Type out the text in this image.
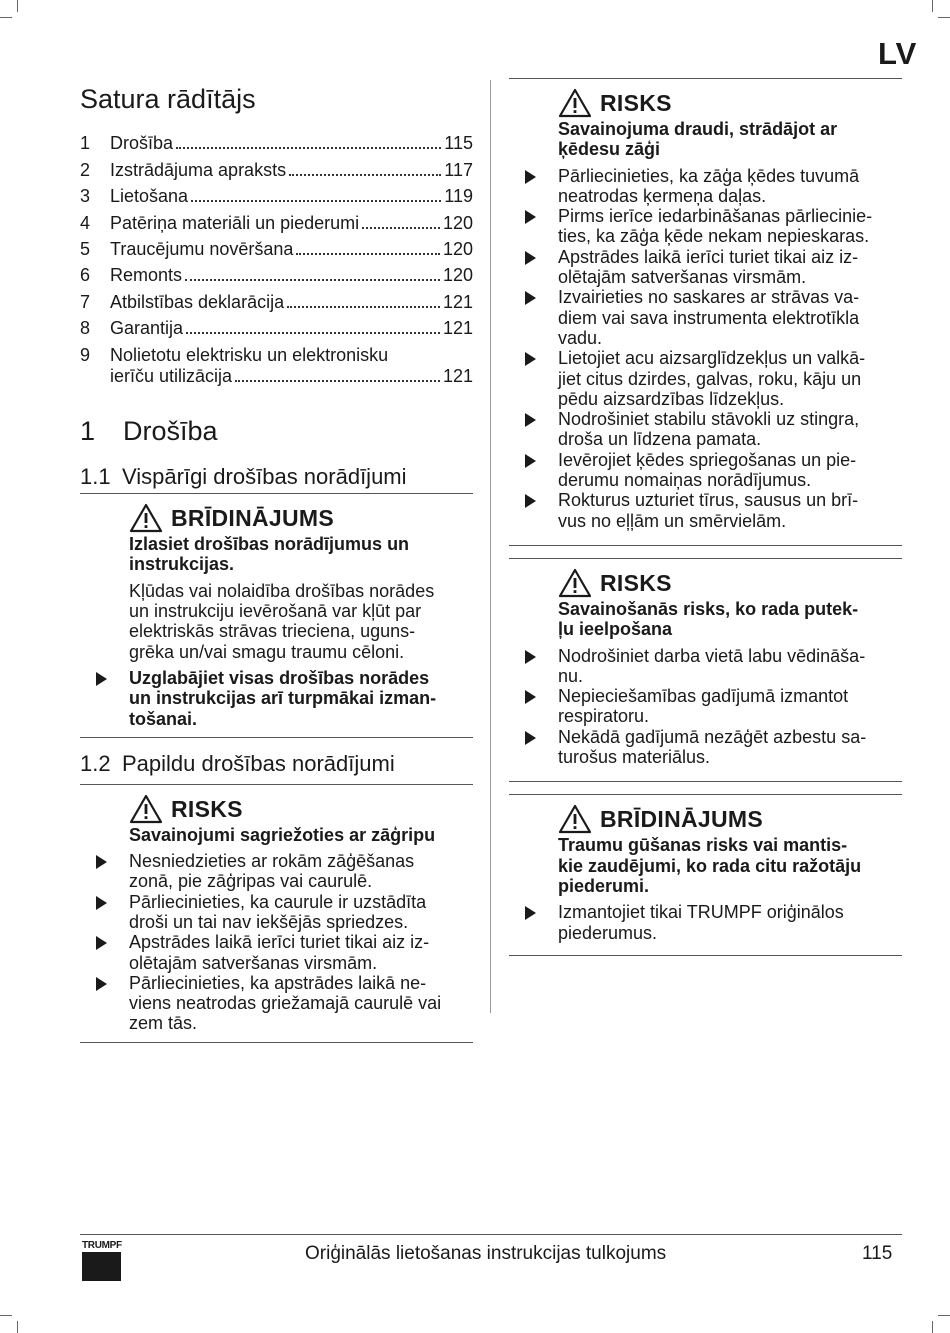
LV
Satura rādītājs
1	Drošība	115
2	Izstrādājuma apraksts	117
3	Lietošana	119
4	Patēriņa materiāli un piederumi	120
5	Traucējumu novēršana	120
6	Remonts	120
7	Atbilstības deklarācija	121
8	Garantija	121
9	Nolietotu elektrisku un elektronisku
ierīču utilizācija	121
1	Drošība
1.1 Vispārīgi drošības norādījumi
BRĪDINĀJUMS
Izlasiet drošības norādījumus un
instrukcijas.
Kļūdas vai nolaidība drošības norādes
un instrukciju ievērošanā var kļūt par
elektriskās strāvas trieciena, uguns-
grēka un/vai smagu traumu cēloni.
Uzglabājiet visas drošības norādes
un instrukcijas arī turpmākai izman-
tošanai.
1.2 Papildu drošības norādījumi
RISKS
Savainojumi sagriežoties ar zāģripu
Nesniedzieties ar rokām zāģēšanas
zonā, pie zāģripas vai caurulē.
Pārliecinieties, ka caurule ir uzstādīta
droši un tai nav iekšējās spriedzes.
Apstrādes laikā ierīci turiet tikai aiz iz-
olētajām satveršanas virsmām.
Pārliecinieties, ka apstrādes laikā ne-
viens neatrodas griežamajā caurulē vai
zem tās.
RISKS
Savainojuma draudi, strādājot ar
ķēdesu zāģi
Pārliecinieties, ka zāģa ķēdes tuvumā
neatrodas ķermeņa daļas.
Pirms ierīce iedarbināšanas pārliecinie-
ties, ka zāģa ķēde nekam nepieskaras.
Apstrādes laikā ierīci turiet tikai aiz iz-
olētajām satveršanas virsmām.
Izvairieties no saskares ar strāvas va-
diem vai sava instrumenta elektrotīkla
vadu.
Lietojiet acu aizsarglīdzekļus un valkā-
jiet citus dzirdes, galvas, roku, kāju un
pēdu aizsardzības līdzekļus.
Nodrošiniet stabilu stāvokli uz stingra,
droša un līdzena pamata.
Ievērojiet ķēdes spriegošanas un pie-
derumu nomaiņas norādījumus.
Rokturus uzturiet tīrus, sausus un brī-
vus no eļļām un smērvielām.
RISKS
Savainošanās risks, ko rada putek-
ļu ieelpošana
Nodrošiniet darba vietā labu vēdināša-
nu.
Nepieciešamības gadījumā izmantot
respiratoru.
Nekādā gadījumā nezāģēt azbestu sa-
turošus materiālus.
BRĪDINĀJUMS
Traumu gūšanas risks vai mantis-
kie zaudējumi, ko rada citu ražotāju
piederumi.
Izmantojiet tikai TRUMPF oriģinālos
piederumus.
TRUMPF	Oriģinālās lietošanas instrukcijas tulkojums	115
